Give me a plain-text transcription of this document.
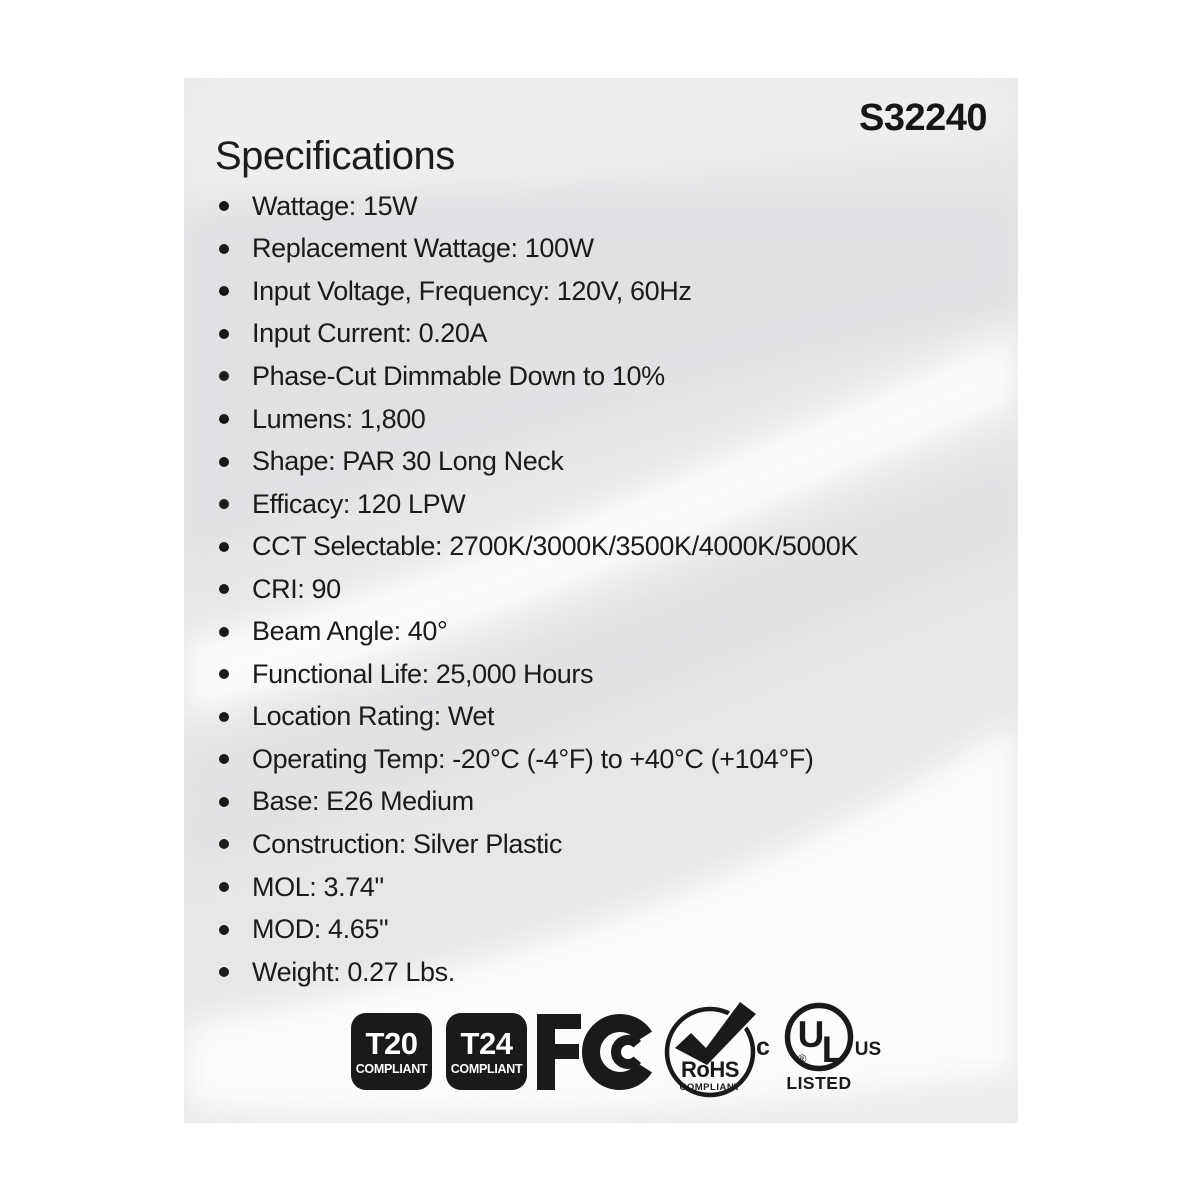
S32240
Specifications
Wattage: 15W
Replacement Wattage: 100W
Input Voltage, Frequency: 120V, 60Hz
Input Current: 0.20A
Phase-Cut Dimmable Down to 10%
Lumens: 1,800
Shape: PAR 30 Long Neck
Efficacy: 120 LPW
CCT Selectable: 2700K/3000K/3500K/4000K/5000K
CRI: 90
Beam Angle: 40°
Functional Life: 25,000 Hours
Location Rating: Wet
Operating Temp: -20°C (-4°F) to +40°C (+104°F)
Base: E26 Medium
Construction: Silver Plastic
MOL: 3.74"
MOD: 4.65"
Weight: 0.27 Lbs.
T20
COMPLIANT
T24
COMPLIANT	RoHS
COMPLIANT
c U
L
®	US
LISTED
